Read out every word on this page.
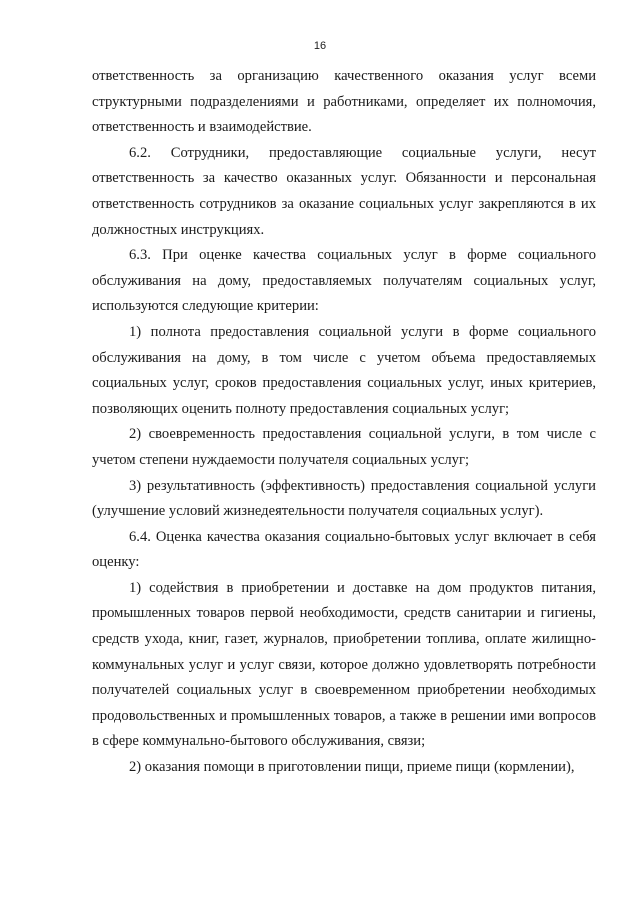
16

ответственность за организацию качественного оказания услуг всеми структурными подразделениями и работниками, определяет их полномочия, ответственность и взаимодействие.

6.2. Сотрудники, предоставляющие социальные услуги, несут ответственность за качество оказанных услуг. Обязанности и персональная ответственность сотрудников за оказание социальных услуг закрепляются в их должностных инструкциях.

6.3. При оценке качества социальных услуг в форме социального обслуживания на дому, предоставляемых получателям социальных услуг, используются следующие критерии:

1) полнота предоставления социальной услуги в форме социального обслуживания на дому, в том числе с учетом объема предоставляемых социальных услуг, сроков предоставления социальных услуг, иных критериев, позволяющих оценить полноту предоставления социальных услуг;

2) своевременность предоставления социальной услуги, в том числе с учетом степени нуждаемости получателя социальных услуг;

3) результативность (эффективность) предоставления социальной услуги (улучшение условий жизнедеятельности получателя социальных услуг).

6.4. Оценка качества оказания социально-бытовых услуг включает в себя оценку:

1) содействия в приобретении и доставке на дом продуктов питания, промышленных товаров первой необходимости, средств санитарии и гигиены, средств ухода, книг, газет, журналов, приобретении топлива, оплате жилищно-коммунальных услуг и услуг связи, которое должно удовлетворять потребности получателей социальных услуг в своевременном приобретении необходимых продовольственных и промышленных товаров, а также в решении ими вопросов в сфере коммунально-бытового обслуживания, связи;

2) оказания помощи в приготовлении пищи, приеме пищи (кормлении),
